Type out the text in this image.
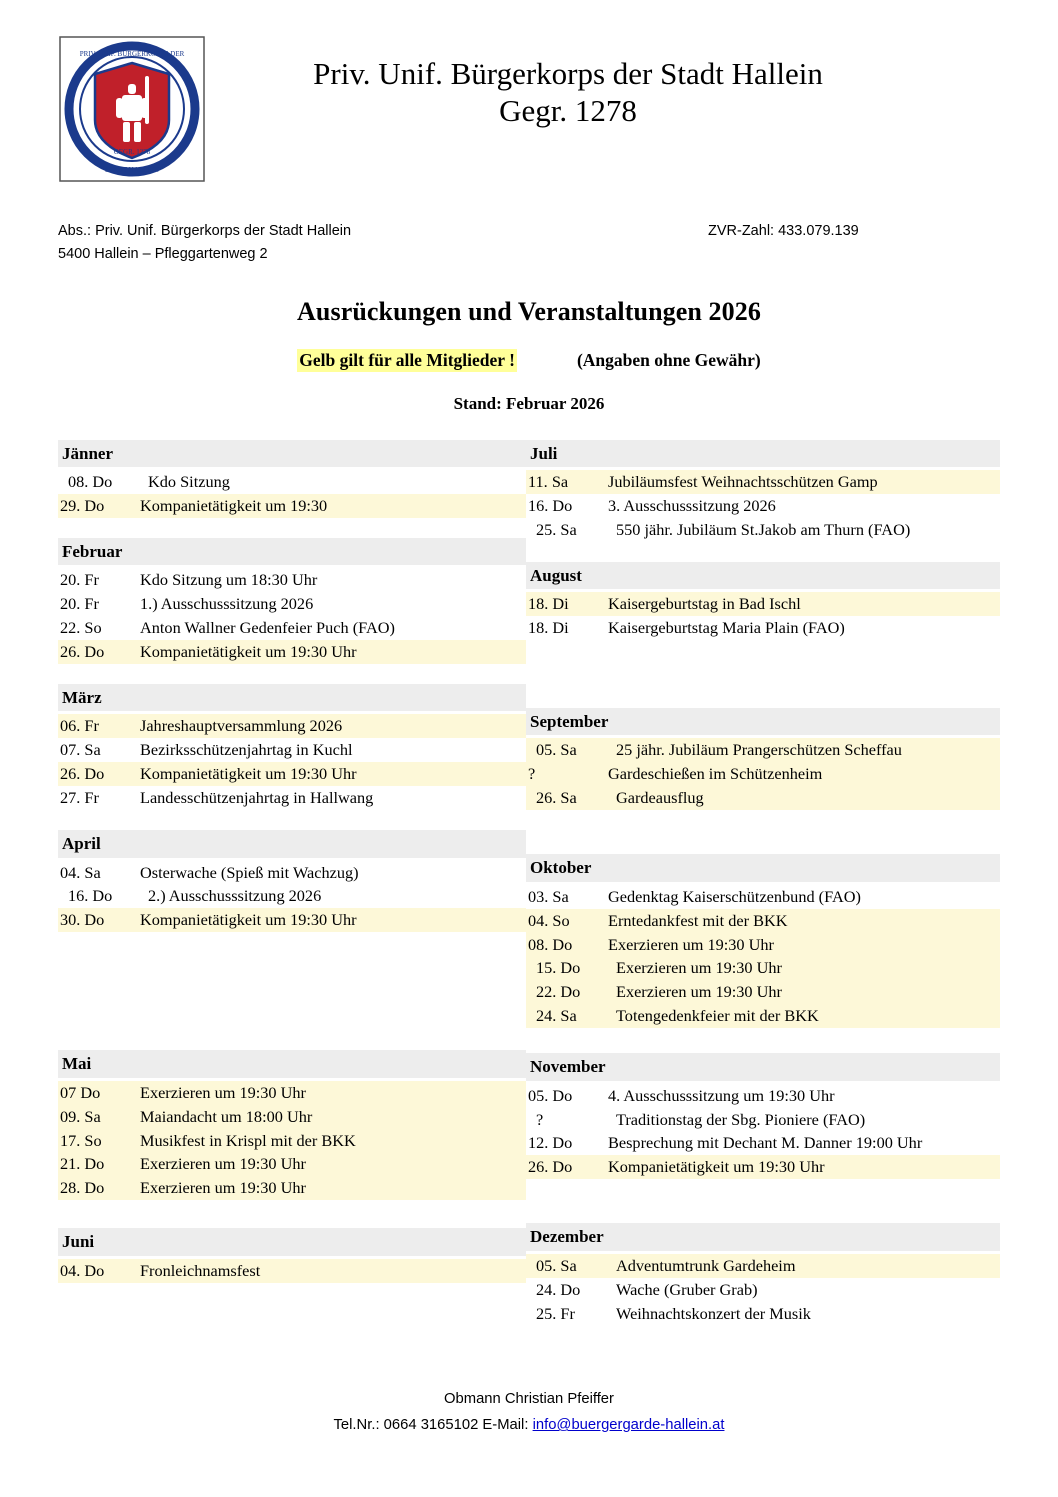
GEGR. 1278
PRIV. UNIF. BÜRGERKORPS DER
STADT HALLEIN
Priv. Unif. Bürgerkorps der Stadt Hallein
Gegr. 1278
Abs.: Priv. Unif. Bürgerkorps der Stadt Hallein	ZVR-Zahl: 433.079.139
5400 Hallein – Pfleggartenweg 2
Ausrückungen und Veranstaltungen 2026
Gelb gilt für alle Mitglieder !	(Angaben ohne Gewähr)
Stand: Februar 2026
Jänner
08. Do	Kdo Sitzung
29. Do	Kompanietätigkeit um 19:30
Februar
20. Fr	Kdo Sitzung um 18:30 Uhr
20. Fr	1.) Ausschusssitzung 2026
22. So	Anton Wallner Gedenfeier Puch (FAO)
26. Do	Kompanietätigkeit um 19:30 Uhr
März
06. Fr	Jahreshauptversammlung 2026
07. Sa	Bezirksschützenjahrtag in Kuchl
26. Do	Kompanietätigkeit um 19:30 Uhr
27. Fr	Landesschützenjahrtag in Hallwang
April
04. Sa	Osterwache (Spieß mit Wachzug)
16. Do	2.) Ausschusssitzung 2026
30. Do	Kompanietätigkeit um 19:30 Uhr
Mai
07 Do	Exerzieren um 19:30 Uhr
09. Sa	Maiandacht um 18:00 Uhr
17. So	Musikfest in Krispl mit der BKK
21. Do	Exerzieren um 19:30 Uhr
28. Do	Exerzieren um 19:30 Uhr
Juni
04. Do	Fronleichnamsfest
Juli
11. Sa	Jubiläumsfest Weihnachtsschützen Gamp
16. Do	3. Ausschusssitzung 2026
25. Sa	550 jähr. Jubiläum St.Jakob am Thurn (FAO)
August
18. Di	Kaisergeburtstag in Bad Ischl
18. Di	Kaisergeburtstag Maria Plain (FAO)
September
05. Sa	25 jähr. Jubiläum Prangerschützen Scheffau
?	Gardeschießen im Schützenheim
26. Sa	Gardeausflug
Oktober
03. Sa	Gedenktag Kaiserschützenbund (FAO)
04. So	Erntedankfest mit der BKK
08. Do	Exerzieren um 19:30 Uhr
15. Do	Exerzieren um 19:30 Uhr
22. Do	Exerzieren um 19:30 Uhr
24. Sa	Totengedenkfeier mit der BKK
November
05. Do	4. Ausschusssitzung um 19:30 Uhr
?	Traditionstag der Sbg. Pioniere (FAO)
12. Do	Besprechung mit Dechant M. Danner 19:00 Uhr
26. Do	Kompanietätigkeit um 19:30 Uhr
Dezember
05. Sa	Adventumtrunk Gardeheim
24. Do	Wache (Gruber Grab)
25. Fr	Weihnachtskonzert der Musik
Obmann Christian Pfeiffer
Tel.Nr.: 0664 3165102 E-Mail: info@buergergarde-hallein.at
